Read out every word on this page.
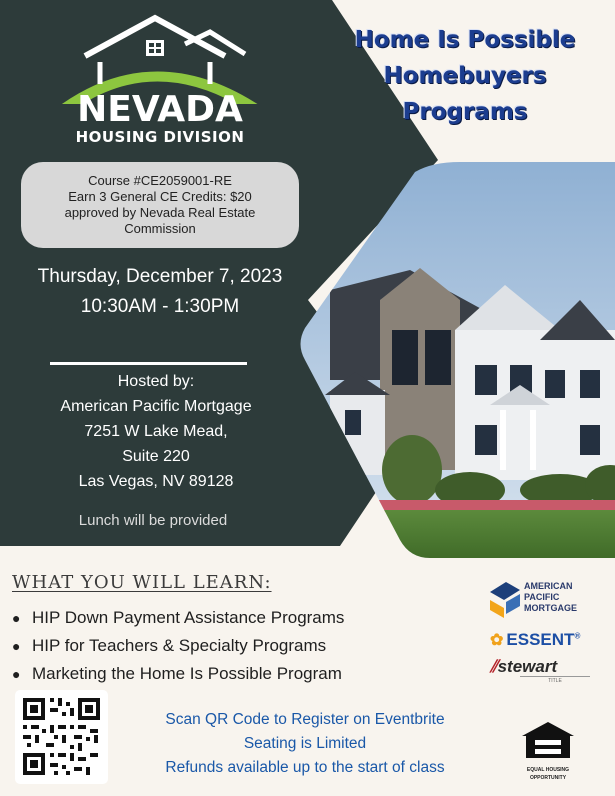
NEVADA
HOUSING DIVISION
Home Is Possible
Homebuyers
Programs
Course #CE2059001-RE
Earn 3 General CE Credits: $20
approved by Nevada Real Estate
Commission
Thursday, December 7, 2023
10:30AM - 1:30PM
Hosted by:
American Pacific Mortgage
7251 W Lake Mead,
Suite 220
Las Vegas, NV 89128
Lunch will be provided
WHAT YOU WILL LEARN:
● HIP Down Payment Assistance Programs
● HIP for Teachers & Specialty Programs
● Marketing the Home Is Possible Program
AMERICAN
PACIFIC
MORTGAGE
✿ ESSENT®
⫽stewart
TITLE
Scan QR Code to Register on Eventbrite
Seating is Limited
Refunds available up to the start of class	EQUAL HOUSING
OPPORTUNITY
